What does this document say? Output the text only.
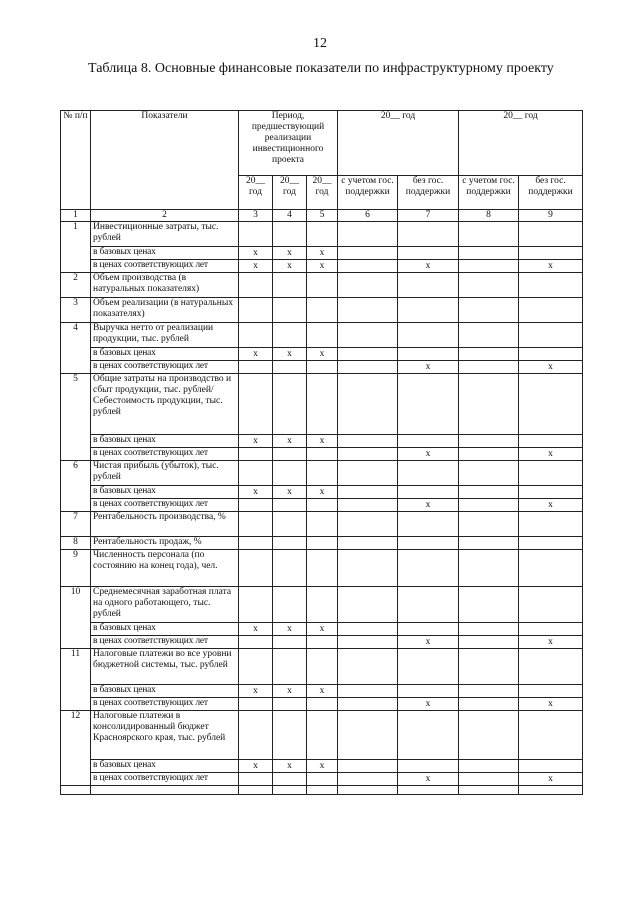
12
Таблица 8. Основные финансовые показатели по инфраструктурному проекту
№ п/п	Показатели	Период, предшествующий реализации инвестиционного проекта			20__ год		20__ год	
		20__ год	20__ год	20__ год	с учетом гос. поддержки	без гос. поддержки	с учетом гос. поддержки	без гос. поддержки
1	2	3	4	5	6	7	8	9
1	Инвестиционные затраты, тыс. рублей							
	в базовых ценах	x	x	x				
	в ценах соответствующих лет	x	x	x		x		x
2	Объем производства (в натуральных показателях)							
3	Объем реализации (в натуральных показателях)							
4	Выручка нетто от реализации продукции, тыс. рублей							
	в базовых ценах	x	x	x				
	в ценах соответствующих лет					x		x
5	Общие затраты на производство и сбыт продукции, тыс. рублей/Себестоимость продукции, тыс. рублей							
	в базовых ценах	x	x	x				
	в ценах соответствующих лет					x		x
6	Чистая прибыль (убыток), тыс. рублей							
	в базовых ценах	x	x	x				
	в ценах соответствующих лет					x		x
7	Рентабельность производства, %							
8	Рентабельность продаж, %							
9	Численность персонала (по состоянию на конец года), чел.							
10	Среднемесячная заработная плата на одного работающего, тыс. рублей							
	в базовых ценах	x	x	x				
	в ценах соответствующих лет					x		x
11	Налоговые платежи во все уровни бюджетной системы, тыс. рублей							
	в базовых ценах	x	x	x				
	в ценах соответствующих лет					x		x
12	Налоговые платежи в консолидированный бюджет Красноярского края, тыс. рублей							
	в базовых ценах	x	x	x				
	в ценах соответствующих лет					x		x
